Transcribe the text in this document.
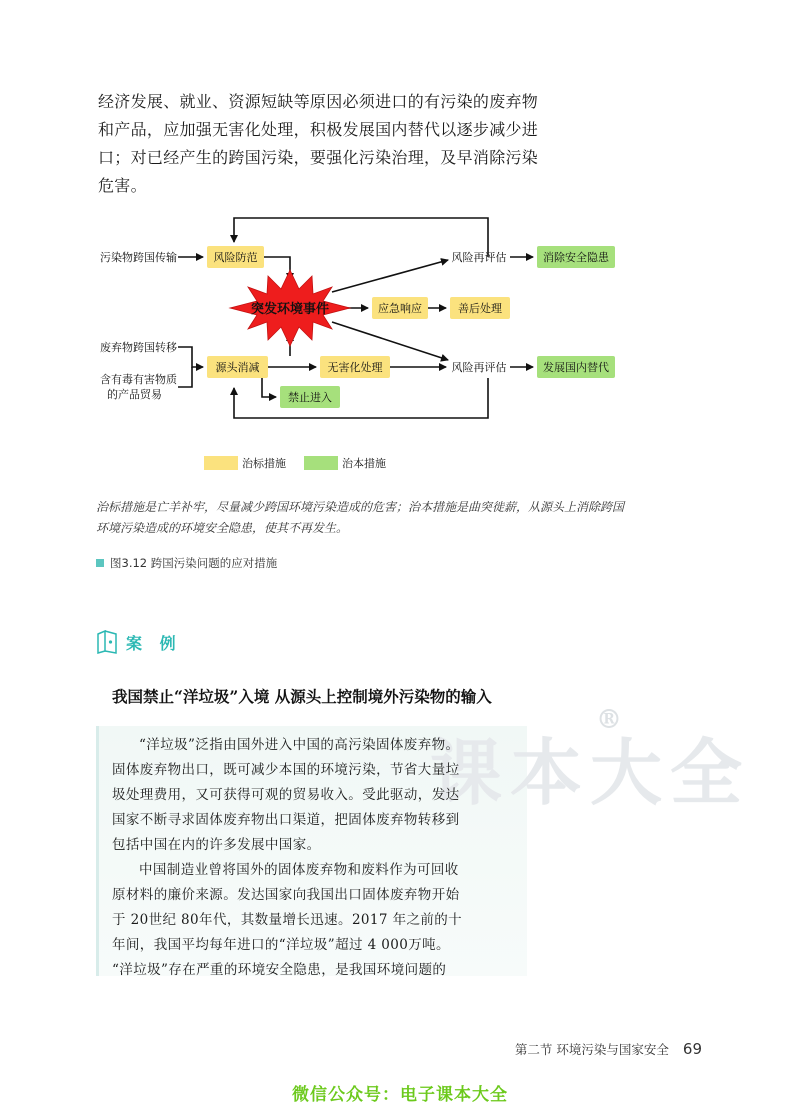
经济发展、就业、资源短缺等原因必须进口的有污染的废弃物
和产品，应加强无害化处理，积极发展国内替代以逐步减少进
口；对已经产生的跨国污染，要强化污染治理，及早消除污染
危害。
污染物跨国传输
废弃物跨国转移
含有毒有害物质
的产品贸易
风险防范
突发环境事件	应急响应	善后处理
源头消减	无害化处理
禁止进入
风险再评估
风险再评估
消除安全隐患
发展国内替代
治标措施	治本措施
治标措施是亡羊补牢，尽量减少跨国环境污染造成的危害；治本措施是曲突徙薪，从源头上消除跨国
环境污染造成的环境安全隐患，使其不再发生。
图3.12 跨国污染问题的应对措施
案 例
我国禁止“洋垃圾”入境 从源头上控制境外污染物的输入
课本大全
®
“洋垃圾”泛指由国外进入中国的高污染固体废弃物。
固体废弃物出口，既可减少本国的环境污染，节省大量垃
圾处理费用，又可获得可观的贸易收入。受此驱动，发达
国家不断寻求固体废弃物出口渠道，把固体废弃物转移到
包括中国在内的许多发展中国家。
中国制造业曾将国外的固体废弃物和废料作为可回收
原材料的廉价来源。发达国家向我国出口固体废弃物开始
于 20世纪 80年代，其数量增长迅速。2017 年之前的十
年间，我国平均每年进口的“洋垃圾”超过 4 000万吨。
“洋垃圾”存在严重的环境安全隐患，是我国环境问题的
第二节 环境污染与国家安全 69
微信公众号：电子课本大全
